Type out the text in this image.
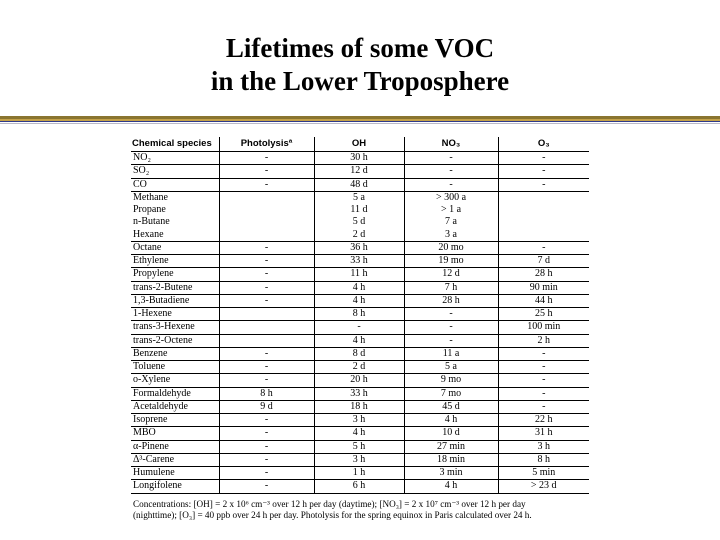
Lifetimes of some VOC
in the Lower Troposphere
Chemical species	Photolysisª	OH	NO₃	O₃
NO₂	-	30 h	-	-
SO₂	-	12 d	-	-
CO	-	48 d	-	-
Methane		5 a	> 300 a	
Propane		11 d	> 1 a	
n-Butane		5 d	7 a	
Hexane		2 d	3 a	
Octane	-	36 h	20 mo	-
Ethylene	-	33 h	19 mo	7 d
Propylene	-	11 h	12 d	28 h
trans-2-Butene	-	4 h	7 h	90 min
1,3-Butadiene	-	4 h	28 h	44 h
1-Hexene		8 h	-	25 h
trans-3-Hexene		-	-	100 min
trans-2-Octene		4 h	-	2 h
Benzene	-	8 d	11 a	-
Toluene	-	2 d	5 a	-
o-Xylene	-	20 h	9 mo	-
Formaldehyde	8 h	33 h	7 mo	-
Acetaldehyde	9 d	18 h	45 d	-
Isoprene	-	3 h	4 h	22 h
MBO	-	4 h	10 d	31 h
α-Pinene	-	5 h	27 min	3 h
Δ³-Carene	-	3 h	18 min	8 h
Humulene	-	1 h	3 min	5 min
Longifolene	-	6 h	4 h	> 23 d
Concentrations: [OH] = 2 x 10⁶ cm⁻³ over 12 h per day (daytime); [NO₃] = 2 x 10⁷ cm⁻³ over 12 h per day
(nighttime); [O₃] = 40 ppb over 24 h per day. Photolysis for the spring equinox in Paris calculated over 24 h.
